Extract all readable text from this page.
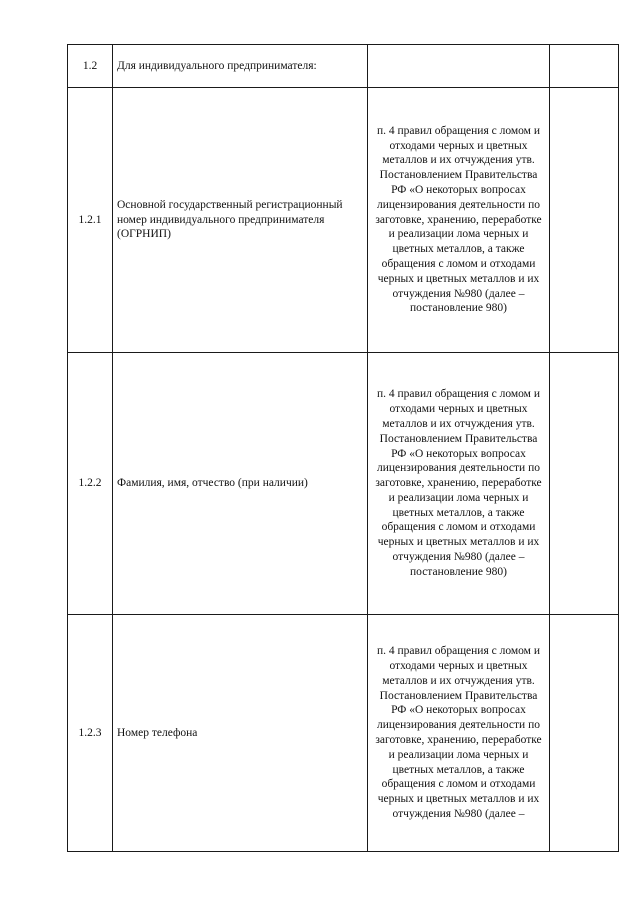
1.2	Для индивидуального предпринимателя:		
1.2.1	Основной государственный регистрационный номер индивидуального предпринимателя (ОГРНИП)	п. 4 правил обращения с ломом и отходами черных и цветных металлов и их отчуждения утв. Постановлением Правительства РФ «О некоторых вопросах лицензирования деятельности по заготовке, хранению, переработке и реализации лома черных и цветных металлов, а также обращения с ломом и отходами черных и цветных металлов и их отчуждения №980 (далее – постановление 980)	

1.2.2	Фамилия, имя, отчество (при наличии)	п. 4 правил обращения с ломом и отходами черных и цветных металлов и их отчуждения утв. Постановлением Правительства РФ «О некоторых вопросах лицензирования деятельности по заготовке, хранению, переработке и реализации лома черных и цветных металлов, а также обращения с ломом и отходами черных и цветных металлов и их отчуждения №980 (далее – постановление 980)	

1.2.3	Номер телефона	п. 4 правил обращения с ломом и отходами черных и цветных металлов и их отчуждения утв. Постановлением Правительства РФ «О некоторых вопросах лицензирования деятельности по заготовке, хранению, переработке и реализации лома черных и цветных металлов, а также обращения с ломом и отходами черных и цветных металлов и их отчуждения №980 (далее –	
